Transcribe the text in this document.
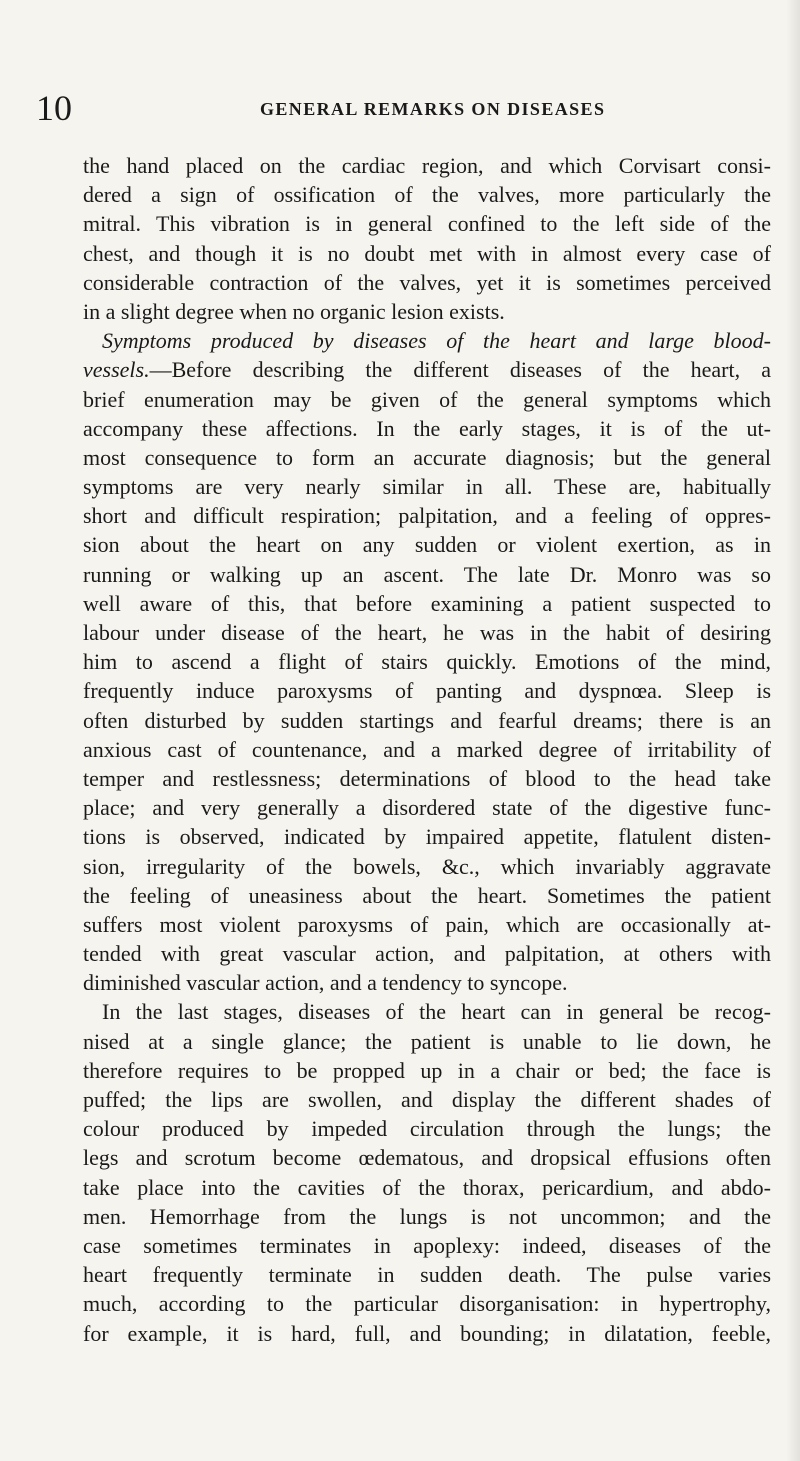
10	GENERAL REMARKS ON DISEASES
the hand placed on the cardiac region, and which Corvisart consi-
dered a sign of ossification of the valves, more particularly the
mitral. This vibration is in general confined to the left side of the
chest, and though it is no doubt met with in almost every case of
considerable contraction of the valves, yet it is sometimes perceived
in a slight degree when no organic lesion exists.
Symptoms produced by diseases of the heart and large blood-
vessels.—Before describing the different diseases of the heart, a
brief enumeration may be given of the general symptoms which
accompany these affections. In the early stages, it is of the ut-
most consequence to form an accurate diagnosis; but the general
symptoms are very nearly similar in all. These are, habitually
short and difficult respiration; palpitation, and a feeling of oppres-
sion about the heart on any sudden or violent exertion, as in
running or walking up an ascent. The late Dr. Monro was so
well aware of this, that before examining a patient suspected to
labour under disease of the heart, he was in the habit of desiring
him to ascend a flight of stairs quickly. Emotions of the mind,
frequently induce paroxysms of panting and dyspnœa. Sleep is
often disturbed by sudden startings and fearful dreams; there is an
anxious cast of countenance, and a marked degree of irritability of
temper and restlessness; determinations of blood to the head take
place; and very generally a disordered state of the digestive func-
tions is observed, indicated by impaired appetite, flatulent disten-
sion, irregularity of the bowels, &c., which invariably aggravate
the feeling of uneasiness about the heart. Sometimes the patient
suffers most violent paroxysms of pain, which are occasionally at-
tended with great vascular action, and palpitation, at others with
diminished vascular action, and a tendency to syncope.
In the last stages, diseases of the heart can in general be recog-
nised at a single glance; the patient is unable to lie down, he
therefore requires to be propped up in a chair or bed; the face is
puffed; the lips are swollen, and display the different shades of
colour produced by impeded circulation through the lungs; the
legs and scrotum become œdematous, and dropsical effusions often
take place into the cavities of the thorax, pericardium, and abdo-
men. Hemorrhage from the lungs is not uncommon; and the
case sometimes terminates in apoplexy: indeed, diseases of the
heart frequently terminate in sudden death. The pulse varies
much, according to the particular disorganisation: in hypertrophy,
for example, it is hard, full, and bounding; in dilatation, feeble,
